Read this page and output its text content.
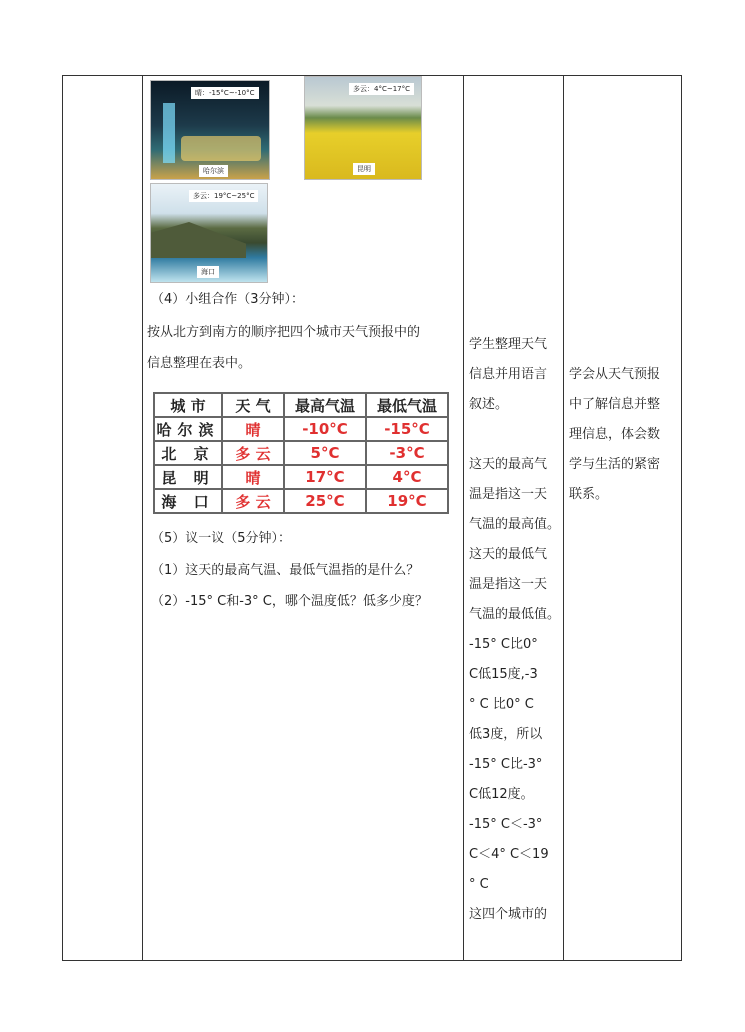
晴：-15°C~-10°C
哈尔滨
多云：4°C~17°C
昆明
多云：19°C~25°C
海口
（4）小组合作（3分钟）：
按从北方到南方的顺序把四个城市天气预报中的
信息整理在表中。
城 市	天 气	最高气温	最低气温
哈尔滨	晴	-10°C	-15°C
北 京	多 云	5°C	-3°C
昆 明	晴	17°C	4°C
海 口	多 云	25°C	19°C
（5）议一议（5分钟）：
（1）这天的最高气温、最低气温指的是什么？
（2）-15° C和-3° C，哪个温度低？低多少度？
学生整理天气
信息并用语言
叙述。
这天的最高气
温是指这一天
气温的最高值。
这天的最低气
温是指这一天
气温的最低值。
-15° C比0°
C低15度,-3
° C 比0° C
低3度，所以
-15° C比-3°
C低12度。
-15° C＜-3°
C＜4° C＜19
° C
这四个城市的
学会从天气预报
中了解信息并整
理信息，体会数
学与生活的紧密
联系。
